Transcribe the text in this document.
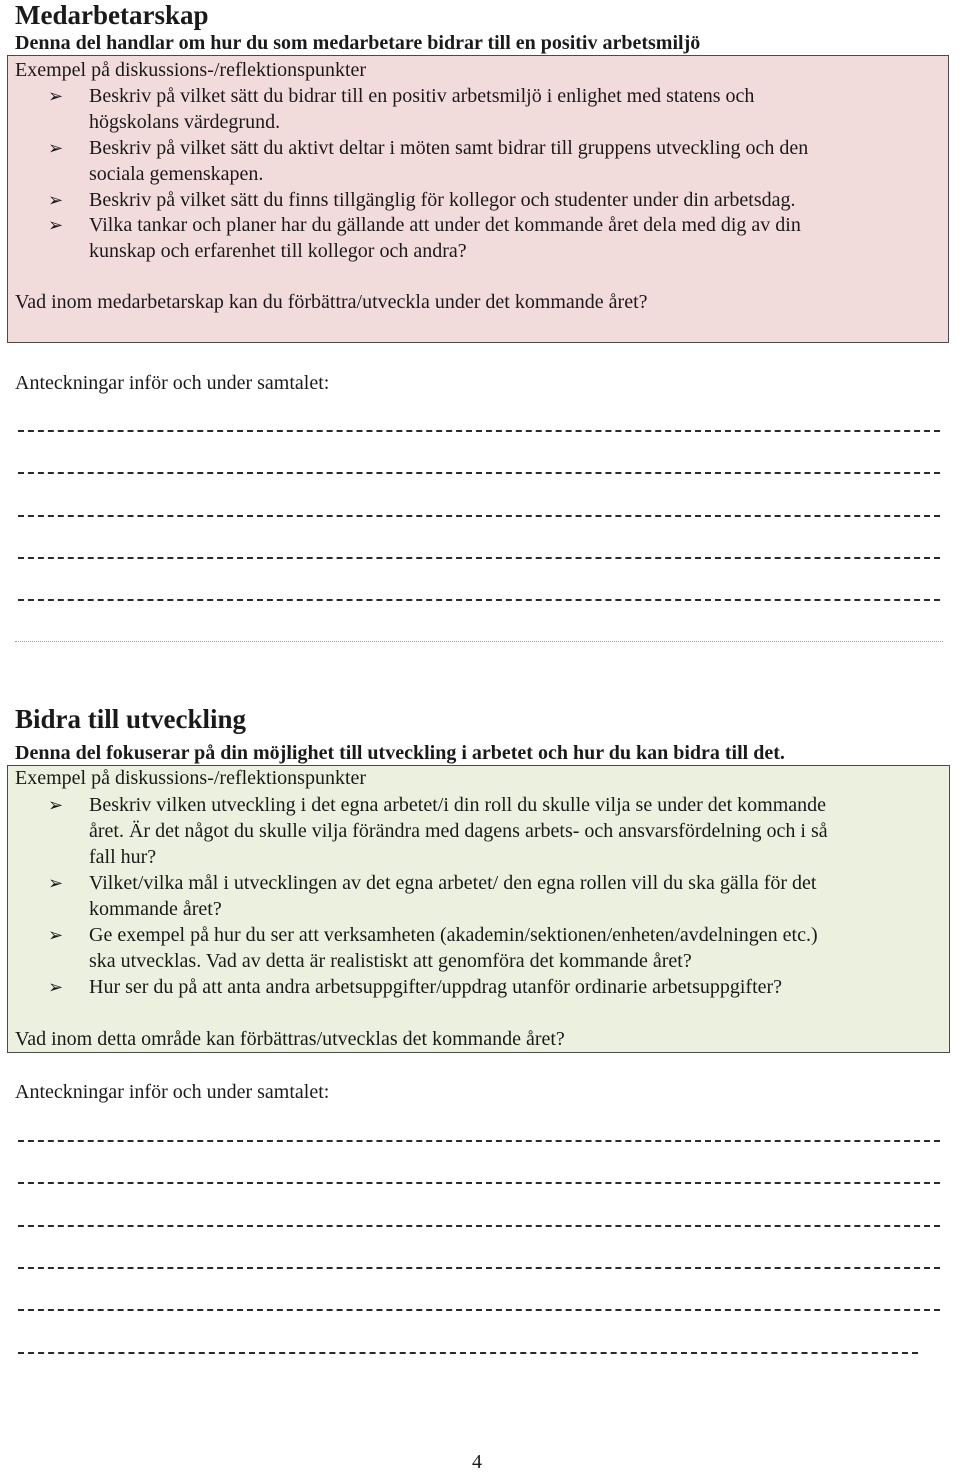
Medarbetarskap
Denna del handlar om hur du som medarbetare bidrar till en positiv arbetsmiljö
Exempel på diskussions-/reflektionspunkter
➢ Beskriv på vilket sätt du bidrar till en positiv arbetsmiljö i enlighet med statens och
högskolans värdegrund.
➢ Beskriv på vilket sätt du aktivt deltar i möten samt bidrar till gruppens utveckling och den
sociala gemenskapen.
➢ Beskriv på vilket sätt du finns tillgänglig för kollegor och studenter under din arbetsdag.
➢ Vilka tankar och planer har du gällande att under det kommande året dela med dig av din
kunskap och erfarenhet till kollegor och andra?
Vad inom medarbetarskap kan du förbättra/utveckla under det kommande året?
Anteckningar inför och under samtalet:
Bidra till utveckling
Denna del fokuserar på din möjlighet till utveckling i arbetet och hur du kan bidra till det.
Exempel på diskussions-/reflektionspunkter
➢ Beskriv vilken utveckling i det egna arbetet/i din roll du skulle vilja se under det kommande
året. Är det något du skulle vilja förändra med dagens arbets- och ansvarsfördelning och i så
fall hur?
➢ Vilket/vilka mål i utvecklingen av det egna arbetet/ den egna rollen vill du ska gälla för det
kommande året?
➢ Ge exempel på hur du ser att verksamheten (akademin/sektionen/enheten/avdelningen etc.)
ska utvecklas. Vad av detta är realistiskt att genomföra det kommande året?
➢ Hur ser du på att anta andra arbetsuppgifter/uppdrag utanför ordinarie arbetsuppgifter?
Vad inom detta område kan förbättras/utvecklas det kommande året?
Anteckningar inför och under samtalet:
4
